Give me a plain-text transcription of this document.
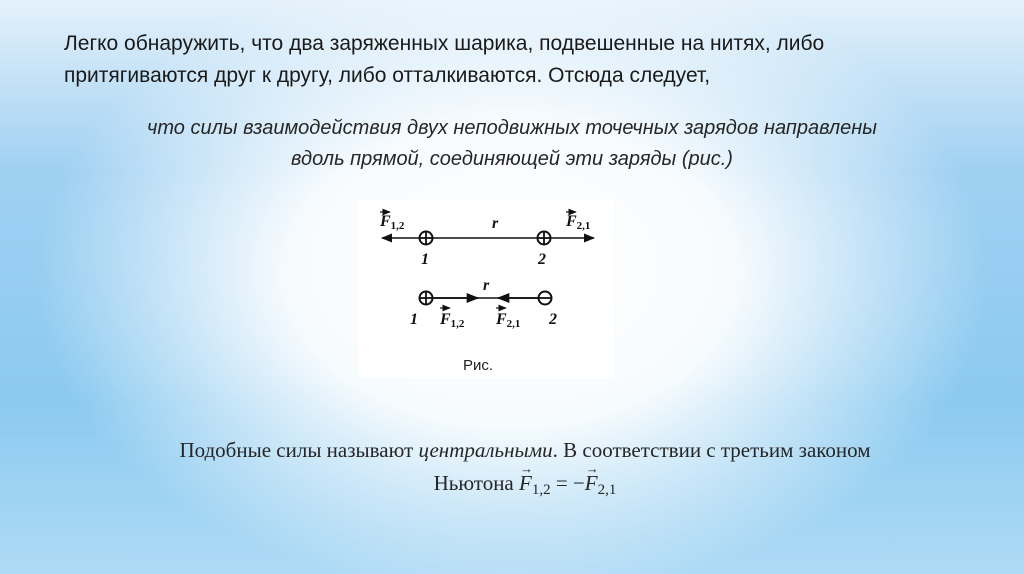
Легко обнаружить, что два заряженных шарика, подвешенные на нитях, либо
притягиваются друг к другу, либо отталкиваются. Отсюда следует,
что силы взаимодействия двух неподвижных точечных зарядов направлены
вдоль прямой, соединяющей эти заряды (рис.)
F1,2	r	F2,1
1	2
r
1	2
F1,2 F2,1
Рис.
Подобные силы называют центральными. В соответствии с третьим законом
Ньютона → $F_{1,2}$ = −→ $F_{2,1}$
